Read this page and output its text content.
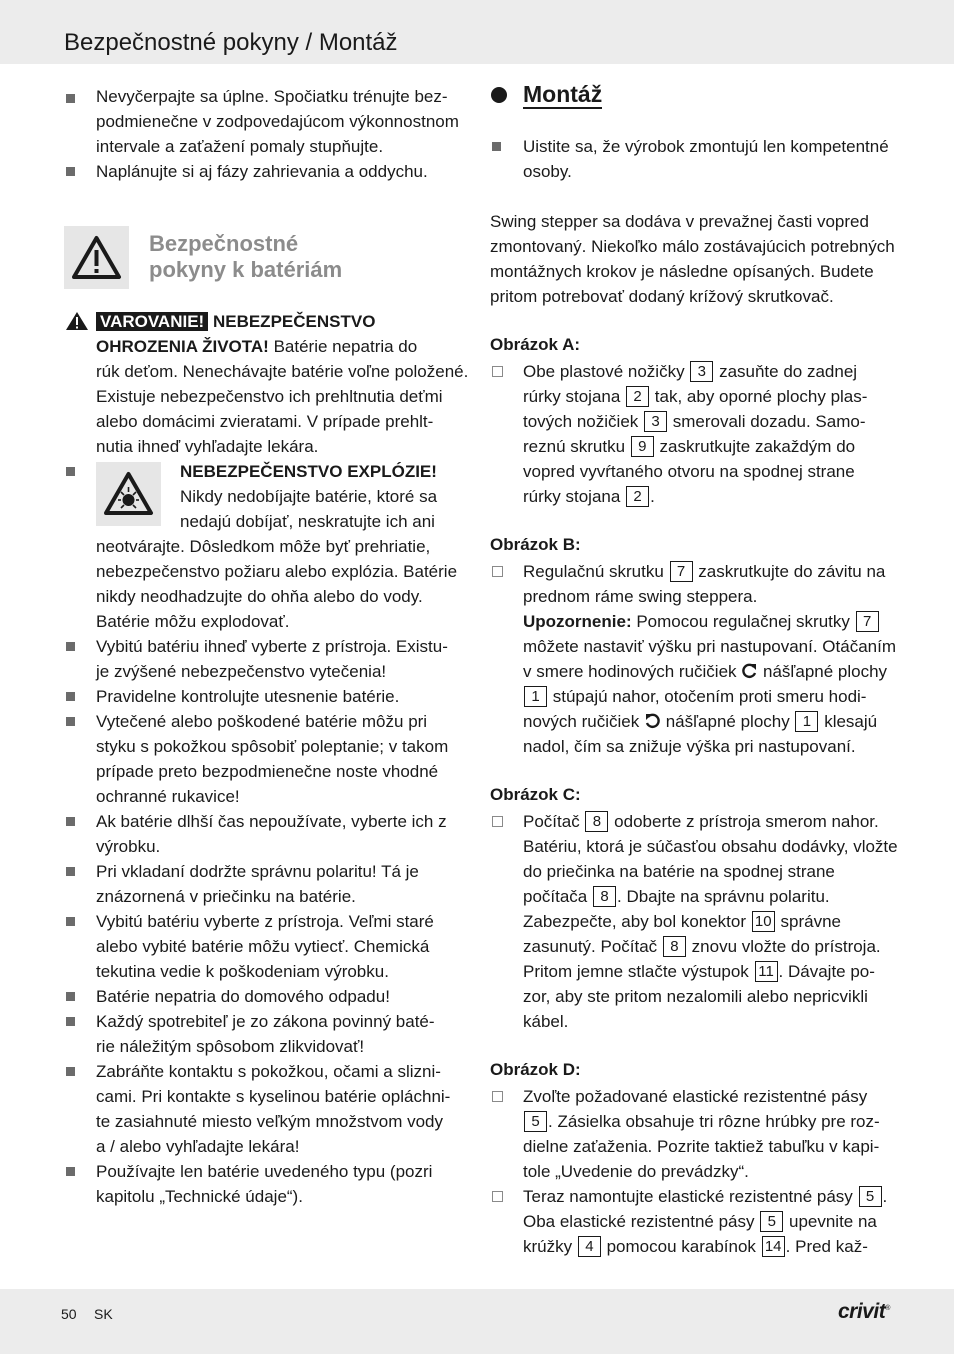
Bezpečnostné pokyny / Montáž
Nevyčerpajte sa úplne. Spočiatku trénujte bez-
podmienečne v zodpovedajúcom výkonnostnom
intervale a zaťažení pomaly stupňujte.
Naplánujte si aj fázy zahrievania a oddychu.
Bezpečnostné
pokyny k batériám
VAROVANIE! NEBEZPEČENSTVO
OHROZENIA ŽIVOTA! Batérie nepatria do
rúk deťom. Nenechávajte batérie voľne položené.
Existuje nebezpečenstvo ich prehltnutia deťmi
alebo domácimi zvieratami. V prípade prehlt-
nutia ihneď vyhľadajte lekára.
NEBEZPEČENSTVO EXPLÓZIE!
Nikdy nedobíjajte batérie, ktoré sa
nedajú dobíjať, neskratujte ich ani
neotvárajte. Dôsledkom môže byť prehriatie,
nebezpečenstvo požiaru alebo explózia. Batérie
nikdy neodhadzujte do ohňa alebo do vody.
Batérie môžu explodovať.
Vybitú batériu ihneď vyberte z prístroja. Existu-
je zvýšené nebezpečenstvo vytečenia!
Pravidelne kontrolujte utesnenie batérie.
Vytečené alebo poškodené batérie môžu pri
styku s pokožkou spôsobiť poleptanie; v takom
prípade preto bezpodmienečne noste vhodné
ochranné rukavice!
Ak batérie dlhší čas nepoužívate, vyberte ich z
výrobku.
Pri vkladaní dodržte správnu polaritu! Tá je
znázornená v priečinku na batérie.
Vybitú batériu vyberte z prístroja. Veľmi staré
alebo vybité batérie môžu vytiecť. Chemická
tekutina vedie k poškodeniam výrobku.
Batérie nepatria do domového odpadu!
Každý spotrebiteľ je zo zákona povinný baté-
rie náležitým spôsobom zlikvidovať!
Zabráňte kontaktu s pokožkou, očami a slizni-
cami. Pri kontakte s kyselinou batérie opláchni-
te zasiahnuté miesto veľkým množstvom vody
a / alebo vyhľadajte lekára!
Používajte len batérie uvedeného typu (pozri
kapitolu „Technické údaje“).
Montáž
Uistite sa, že výrobok zmontujú len kompetentné
osoby.
Swing stepper sa dodáva v prevažnej časti vopred
zmontovaný. Niekoľko málo zostávajúcich potrebných
montážnych krokov je následne opísaných. Budete
pritom potrebovať dodaný krížový skrutkovač.
Obrázok A:
Obe plastové nožičky 3 zasuňte do zadnej
rúrky stojana 2 tak, aby oporné plochy plas-
tových nožičiek 3 smerovali dozadu. Samo-
reznú skrutku 9 zaskrutkujte zakaždým do
vopred vyvŕtaného otvoru na spodnej strane
rúrky stojana 2 .
Obrázok B:
Regulačnú skrutku 7 zaskrutkujte do závitu na
prednom ráme swing steppera.
Upozornenie: Pomocou regulačnej skrutky 7
môžete nastaviť výšku pri nastupovaní. Otáčaním
v smere hodinových ručičiek nášľapné plochy
1 stúpajú nahor, otočením proti smeru hodi-
nových ručičiek nášľapné plochy 1 klesajú
nadol, čím sa znižuje výška pri nastupovaní.
Obrázok C:
Počítač 8 odoberte z prístroja smerom nahor.
Batériu, ktorá je súčasťou obsahu dodávky, vložte
do priečinka na batérie na spodnej strane
počítača 8 . Dbajte na správnu polaritu.
Zabezpečte, aby bol konektor 10 správne
zasunutý. Počítač 8 znovu vložte do prístroja.
Pritom jemne stlačte výstupok 11 . Dávajte po-
zor, aby ste pritom nezalomili alebo nepricvikli
kábel.
Obrázok D:
Zvoľte požadované elastické rezistentné pásy
5 . Zásielka obsahuje tri rôzne hrúbky pre roz-
dielne zaťaženia. Pozrite taktiež tabuľku v kapi-
tole „Uvedenie do prevádzky“.
Teraz namontujte elastické rezistentné pásy 5 .
Oba elastické rezistentné pásy 5 upevnite na
krúžky 4 pomocou karabínok 14 . Pred kaž-
50 SK	crivit®
